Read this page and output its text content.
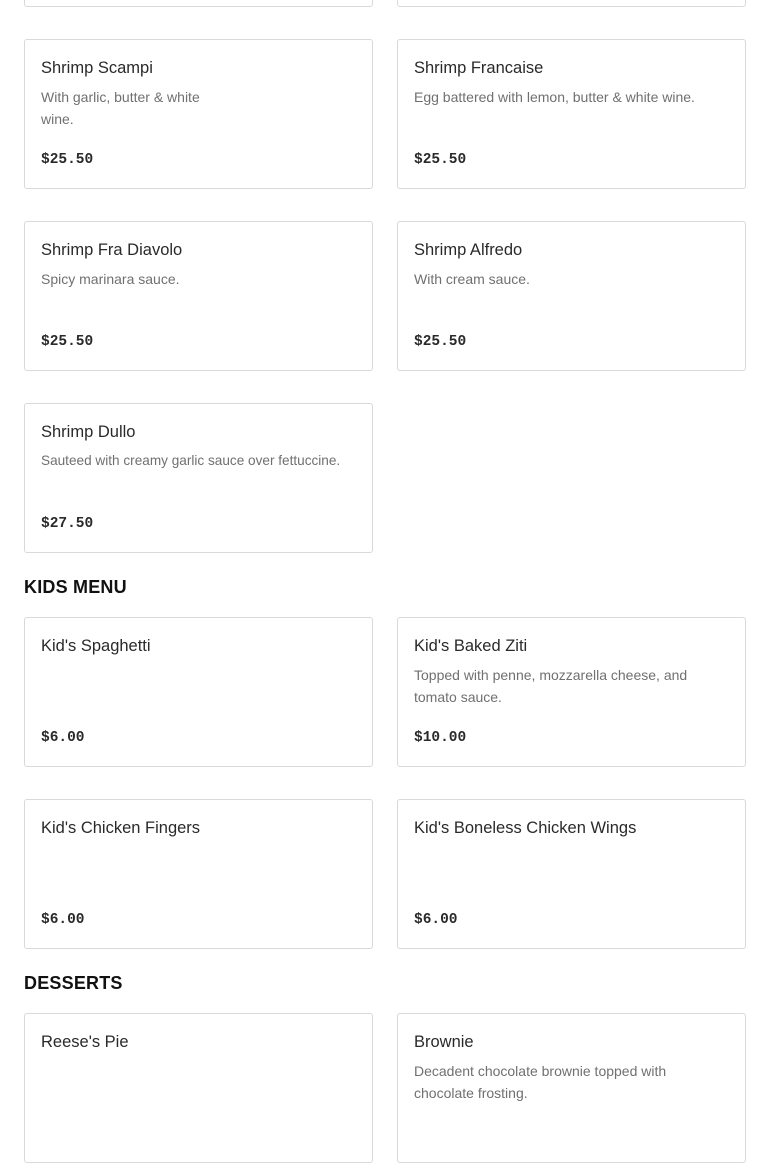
Shrimp Scampi
With garlic, butter & white wine.
$25.50
Shrimp Francaise
Egg battered with lemon, butter & white wine.
$25.50
Shrimp Fra Diavolo
Spicy marinara sauce.
$25.50
Shrimp Alfredo
With cream sauce.
$25.50
Shrimp Dullo
Sauteed with creamy garlic sauce over fettuccine.
$27.50
KIDS MENU
Kid's Spaghetti
$6.00
Kid's Baked Ziti
Topped with penne, mozzarella cheese, and tomato sauce.
$10.00
Kid's Chicken Fingers
$6.00
Kid's Boneless Chicken Wings
$6.00
DESSERTS
Reese's Pie	Brownie
Decadent chocolate brownie topped with chocolate frosting.
